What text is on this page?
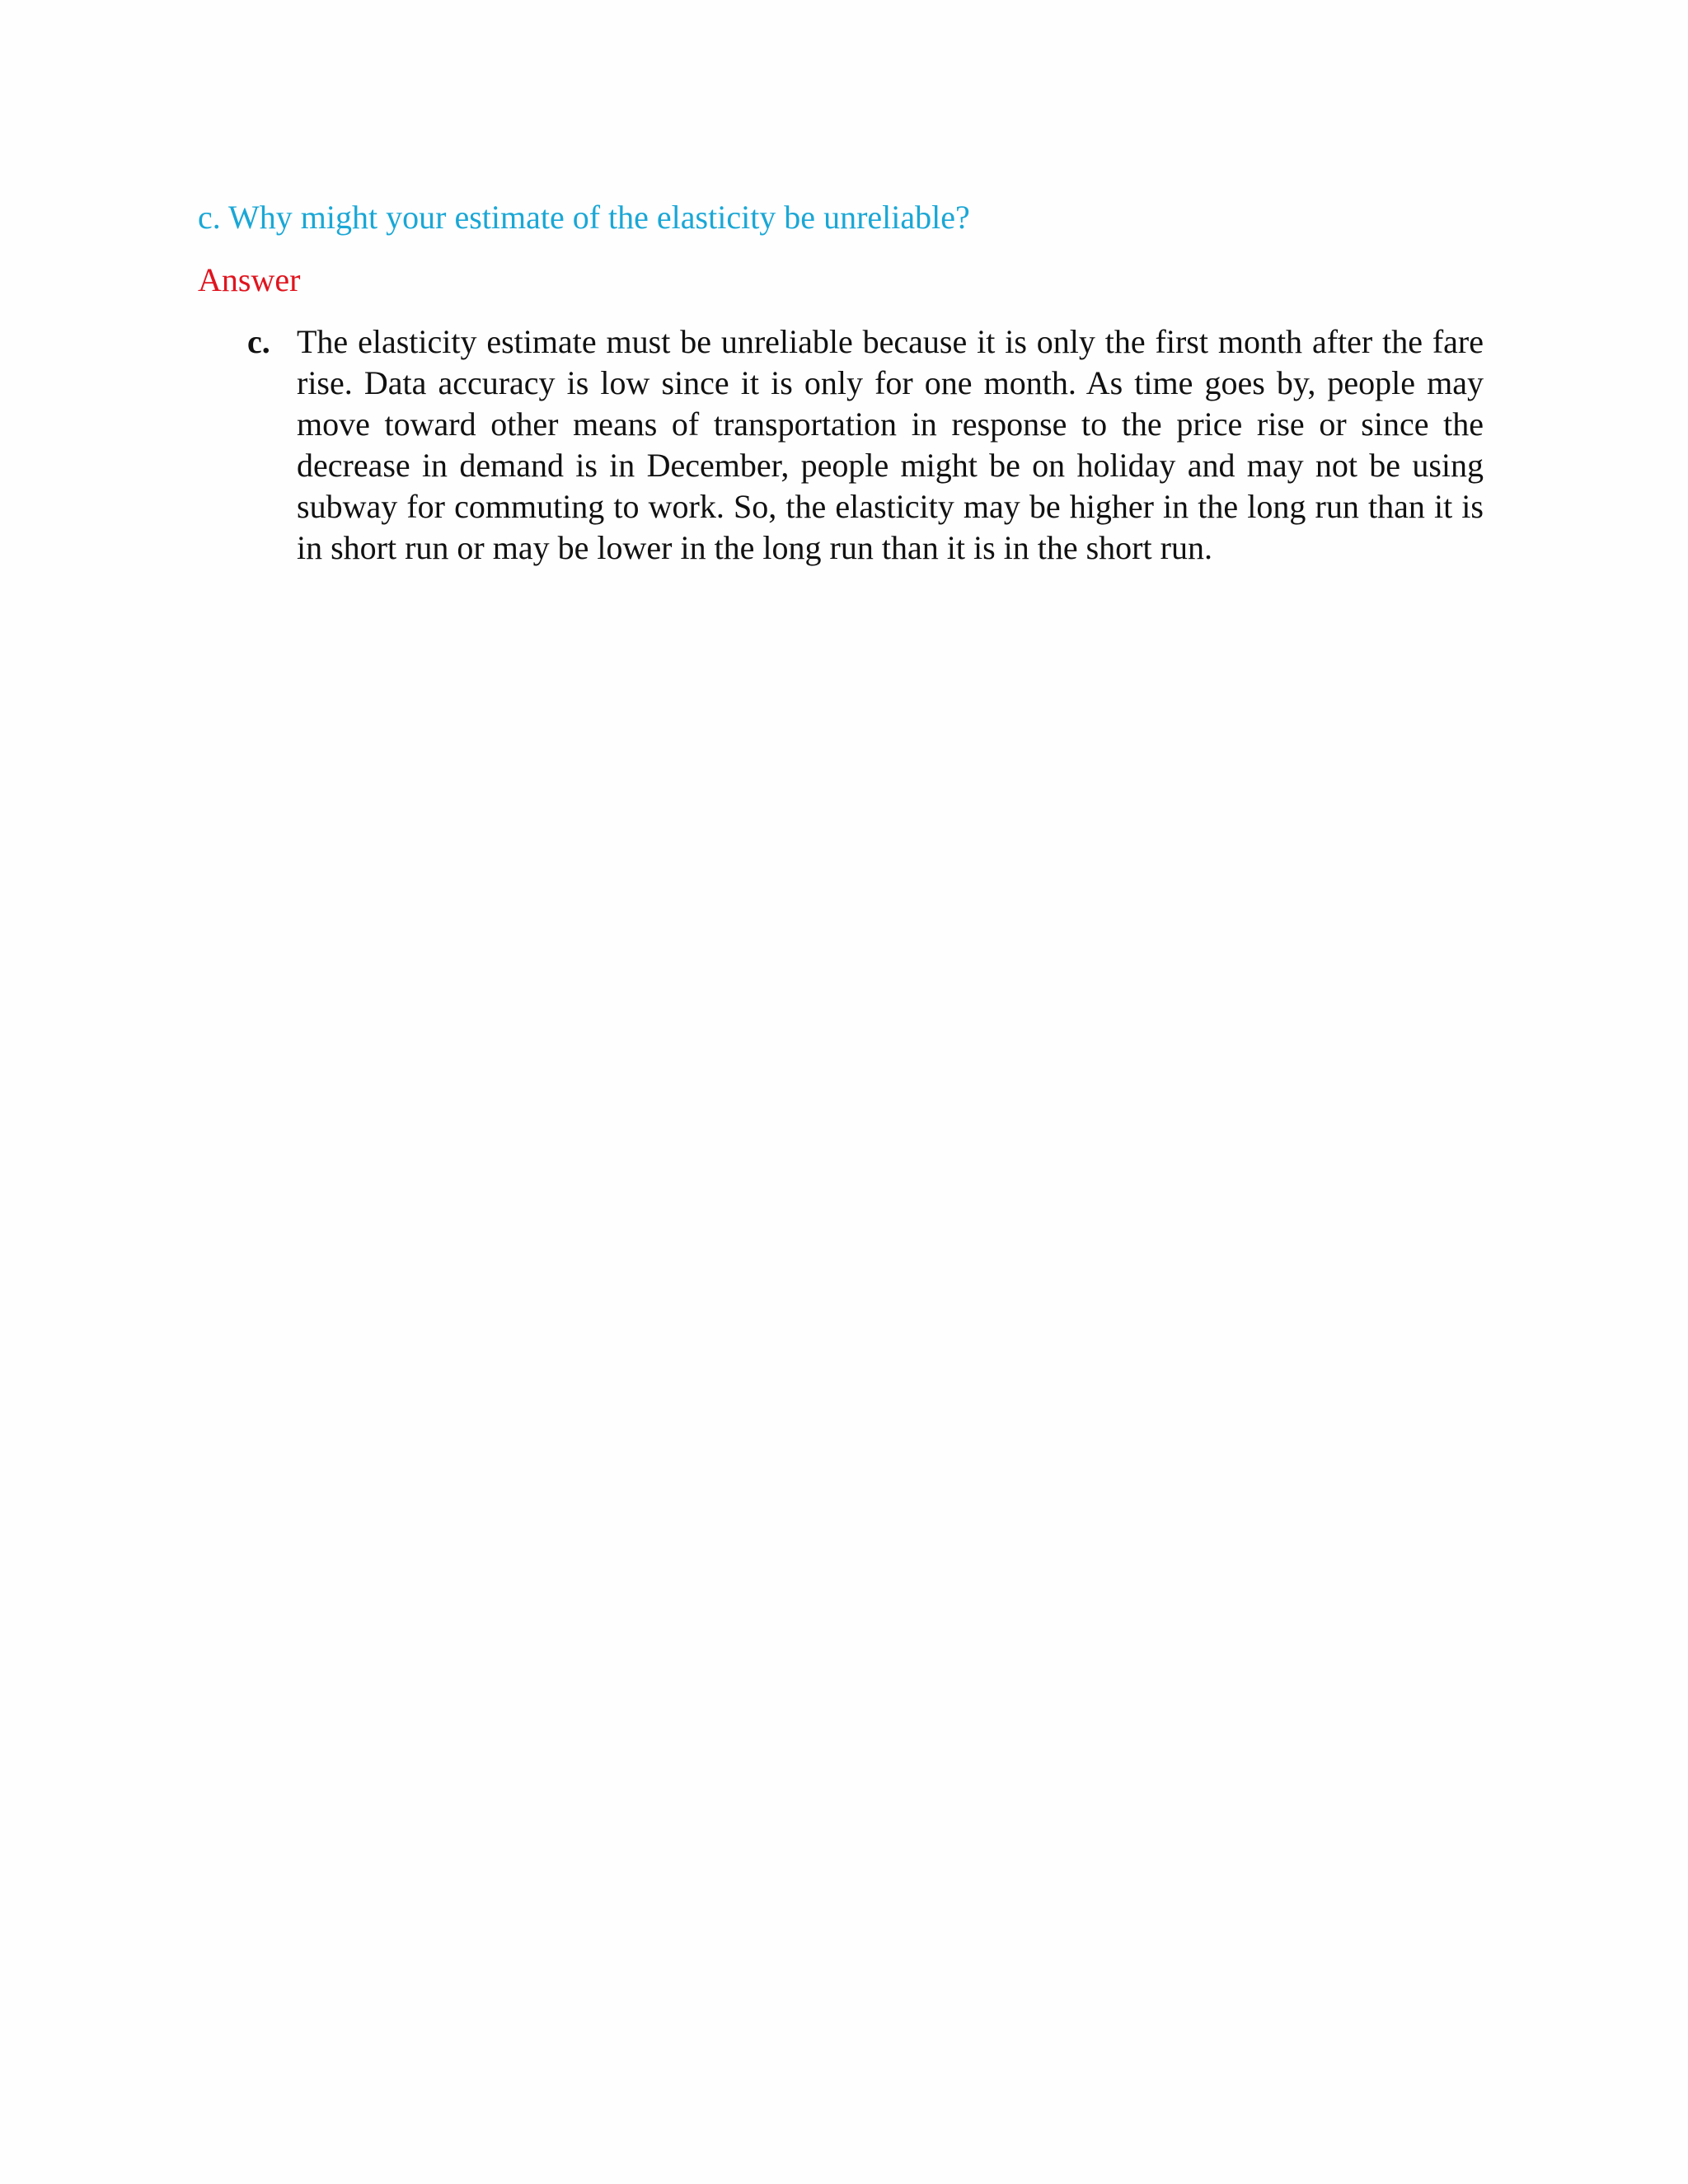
c. Why might your estimate of the elasticity be unreliable?
Answer
c. The elasticity estimate must be unreliable because it is only the first month after the fare rise. Data accuracy is low since it is only for one month. As time goes by, people may move toward other means of transportation in response to the price rise or since the decrease in demand is in December, people might be on holiday and may not be using subway for commuting to work. So, the elasticity may be higher in the long run than it is in short run or may be lower in the long run than it is in the short run.
